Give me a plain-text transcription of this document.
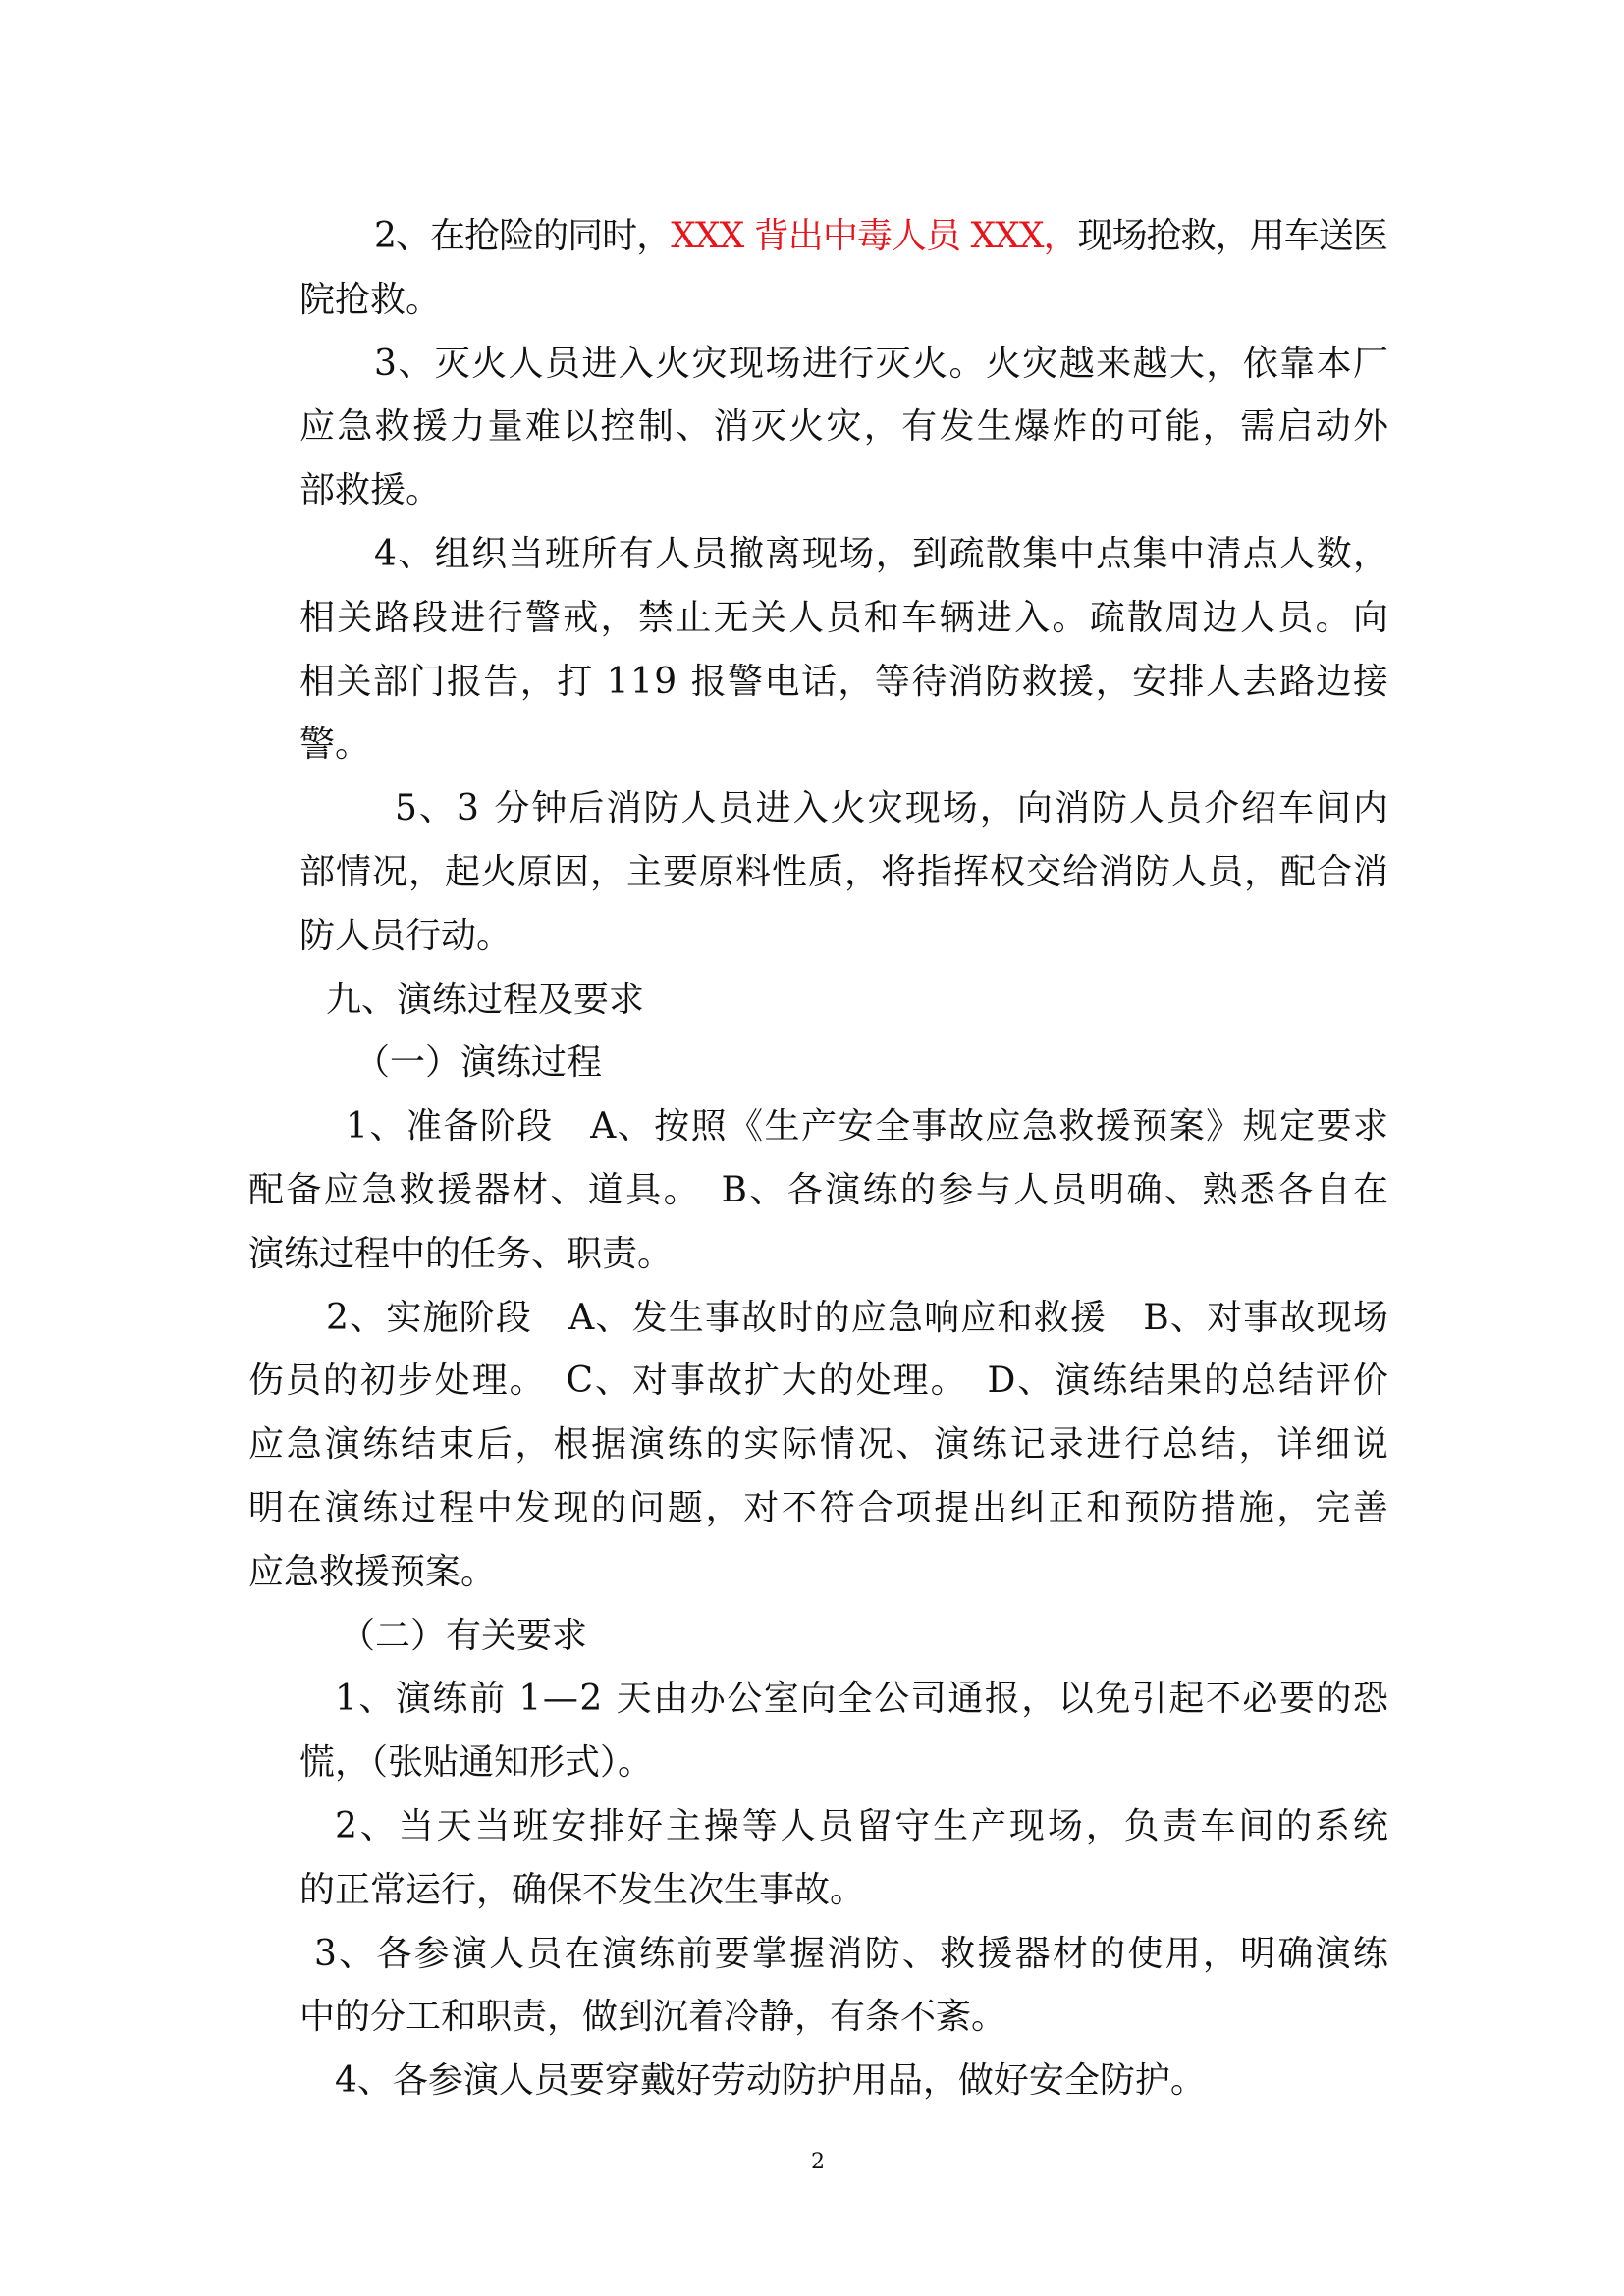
2、在抢险的同时，XXX 背出中毒人员 XXX，现场抢救，用车送医
院抢救。
3、灭火人员进入火灾现场进行灭火。火灾越来越大，依靠本厂
应急救援力量难以控制、消灭火灾，有发生爆炸的可能，需启动外
部救援。
4、组织当班所有人员撤离现场，到疏散集中点集中清点人数，
相关路段进行警戒，禁止无关人员和车辆进入。疏散周边人员。向
相关部门报告，打 119 报警电话，等待消防救援，安排人去路边接
警。
5、3 分钟后消防人员进入火灾现场，向消防人员介绍车间内
部情况，起火原因，主要原料性质，将指挥权交给消防人员，配合消
防人员行动。
九、演练过程及要求
（一）演练过程
1、准备阶段　A、按照《生产安全事故应急救援预案》规定要求
配备应急救援器材、道具。　B、各演练的参与人员明确、熟悉各自在
演练过程中的任务、职责。
2、实施阶段　A、发生事故时的应急响应和救援　B、对事故现场
伤员的初步处理。　C、对事故扩大的处理。　D、演练结果的总结评价
应急演练结束后，根据演练的实际情况、演练记录进行总结，详细说
明在演练过程中发现的问题，对不符合项提出纠正和预防措施，完善
应急救援预案。
（二）有关要求
1、演练前 1—2 天由办公室向全公司通报，以免引起不必要的恐
慌，（张贴通知形式）。
2、当天当班安排好主操等人员留守生产现场，负责车间的系统
的正常运行，确保不发生次生事故。
3、各参演人员在演练前要掌握消防、救援器材的使用，明确演练
中的分工和职责，做到沉着冷静，有条不紊。
4、各参演人员要穿戴好劳动防护用品，做好安全防护。
2
